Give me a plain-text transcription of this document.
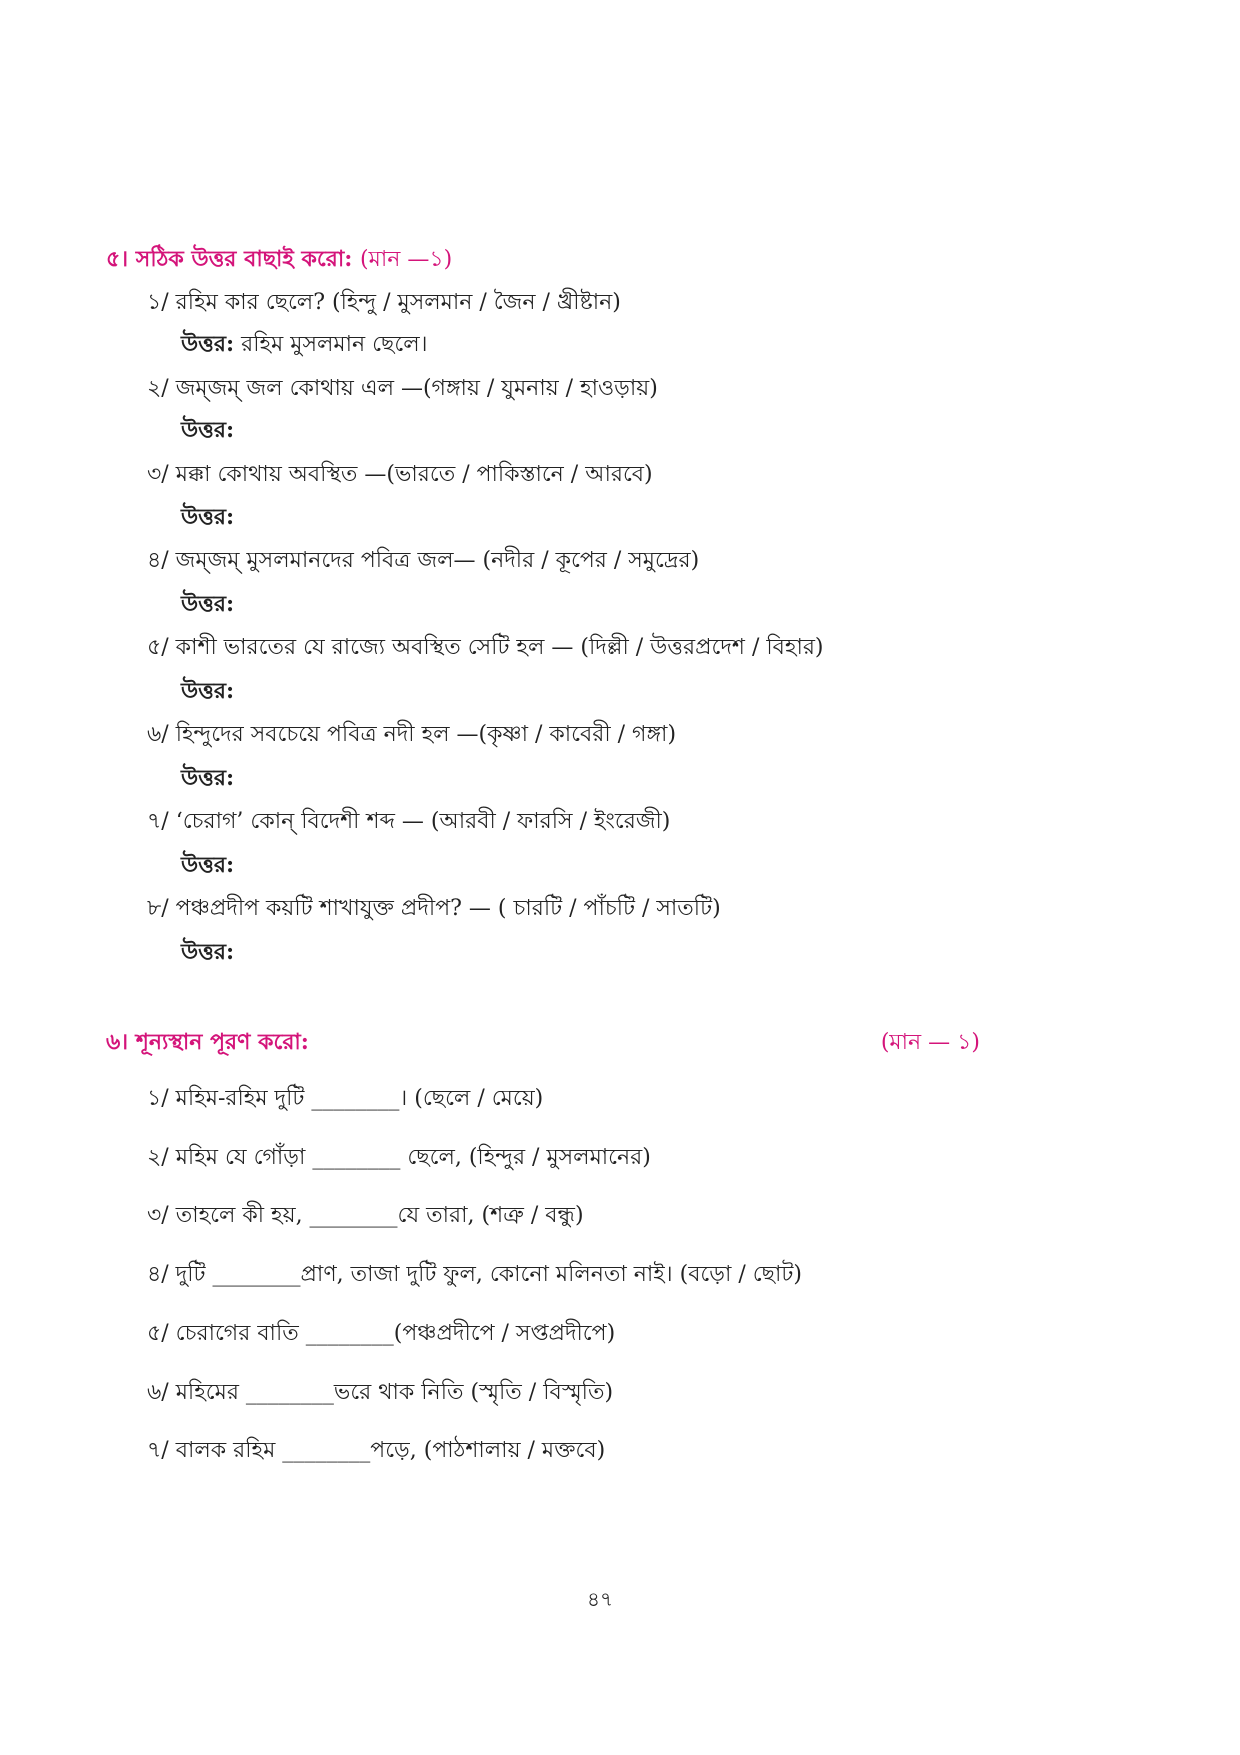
৫। সঠিক উত্তর বাছাই করো: (মান —১)
১/ রহিম কার ছেলে? (হিন্দু / মুসলমান / জৈন / খ্রীষ্টান)
উত্তর: রহিম মুসলমান ছেলে।
২/ জম্‌জম্ জল কোথায় এল —(গঙ্গায় / যুমনায় / হাওড়ায়)
উত্তর:
৩/ মক্কা কোথায় অবস্থিত —(ভারতে / পাকিস্তানে / আরবে)
উত্তর:
৪/ জম্‌জম্ মুসলমানদের পবিত্র জল— (নদীর / কূপের / সমুদ্রের)
উত্তর:
৫/ কাশী ভারতের যে রাজ্যে অবস্থিত সেটি হল — (দিল্লী / উত্তরপ্রদেশ / বিহার)
উত্তর:
৬/ হিন্দুদের সবচেয়ে পবিত্র নদী হল —(কৃষ্ণা / কাবেরী / গঙ্গা)
উত্তর:
৭/ ‘চেরাগ’ কোন্ বিদেশী শব্দ — (আরবী / ফারসি / ইংরেজী)
উত্তর:
৮/ পঞ্চপ্রদীপ কয়টি শাখাযুক্ত প্রদীপ? — ( চারটি / পাঁচটি / সাতটি)
উত্তর:
৬। শূন্যস্থান পূরণ করো:	(মান — ১)
১/ মহিম-রহিম দুটি ________। (ছেলে / মেয়ে)
২/ মহিম যে গোঁড়া ________ ছেলে, (হিন্দুর / মুসলমানের)
৩/ তাহলে কী হয়, ________যে তারা, (শত্রু / বন্ধু)
৪/ দুটি ________প্রাণ, তাজা দুটি ফুল, কোনো মলিনতা নাই। (বড়ো / ছোট)
৫/ চেরাগের বাতি ________(পঞ্চপ্রদীপে / সপ্তপ্রদীপে)
৬/ মহিমের ________ভরে থাক নিতি (স্মৃতি / বিস্মৃতি)
৭/ বালক রহিম ________পড়ে, (পাঠশালায় / মক্তবে)
৪৭
